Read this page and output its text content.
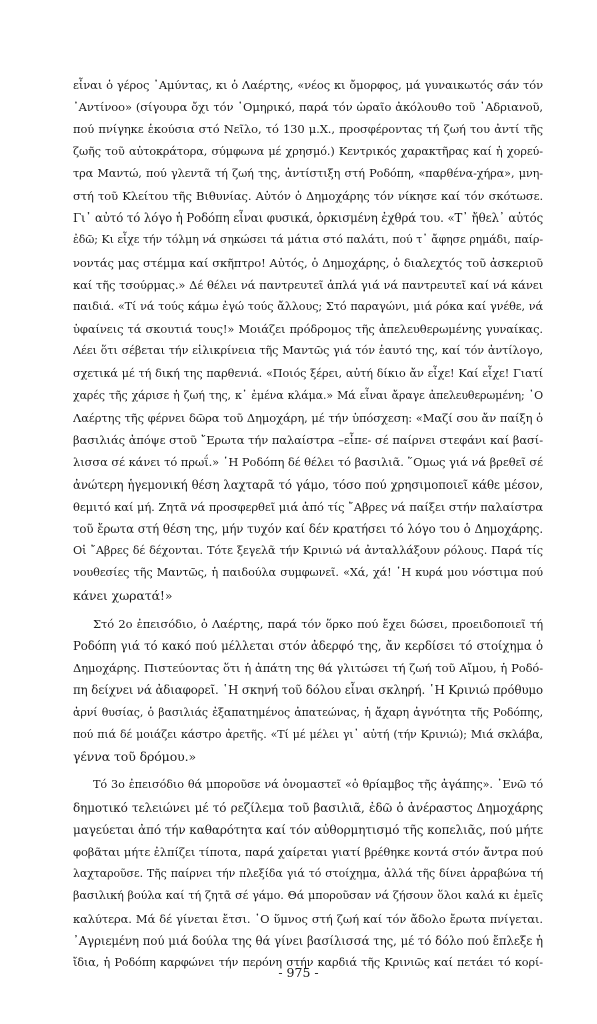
εἶναι ὁ γέρος ᾿Αμύντας, κι ὁ Λαέρτης, «νέος κι ὄμορφος, μά γυναικωτός σάν τόν
᾿Αντίνοο» (σίγουρα ὄχι τόν ῾Ομηρικό, παρά τόν ὡραῖο ἀκόλουθο τοῦ ᾿Αδριανοῦ,
πού πνίγηκε ἑκούσια στό Νεῖλο, τό 130 μ.Χ., προσφέροντας τή ζωή του ἀντί τῆς
ζωῆς τοῦ αὐτοκράτορα, σύμφωνα μέ χρησμό.) Κεντρικός χαρακτῆρας καί ἡ χορεύ-
τρα Μαντώ, πού γλεντᾶ τή ζωή της, ἀντίστιξη στή Ροδόπη, «παρθένα-χήρα», μνη-
στή τοῦ Κλείτου τῆς Βιθυνίας. Αὐτόν ὁ Δημοχάρης τόν νίκησε καί τόν σκότωσε.
Γι᾿ αὐτό τό λόγο ἡ Ροδόπη εἶναι φυσικά, ὁρκισμένη ἐχθρά του. «Τ᾿ ἤθελ᾿ αὐτός
ἐδῶ; Κι εἶχε τήν τόλμη νά σηκώσει τά μάτια στό παλάτι, πού τ᾿ ἄφησε ρημάδι, παίρ-
νοντάς μας στέμμα καί σκῆπτρο! Αὐτός, ὁ Δημοχάρης, ὁ διαλεχτός τοῦ ἀσκεριοῦ
καί τῆς τσούρμας.» Δέ θέλει νά παντρευτεῖ ἁπλά γιά νά παντρευτεῖ καί νά κάνει
παιδιά. «Τί νά τούς κάμω ἐγώ τούς ἄλλους; Στό παραγώνι, μιά ρόκα καί γνέθε, νά
ὑφαίνεις τά σκουτιά τους!» Μοιάζει πρόδρομος τῆς ἀπελευθερωμένης γυναίκας.
Λέει ὅτι σέβεται τήν εἰλικρίνεια τῆς Μαντῶς γιά τόν ἑαυτό της, καί τόν ἀντίλογο,
σχετικά μέ τή δική της παρθενιά. «Ποιός ξέρει, αὐτή δίκιο ἄν εἶχε! Καί εἶχε! Γιατί
χαρές τῆς χάρισε ἡ ζωή της, κ᾿ ἐμένα κλάμα.» Μά εἶναι ἄραγε ἀπελευθερωμένη; ῾Ο
Λαέρτης τῆς φέρνει δῶρα τοῦ Δημοχάρη, μέ τήν ὑπόσχεση: «Μαζί σου ἄν παίξη ὁ
βασιλιάς ἀπόψε στοῦ ῎Ερωτα τήν παλαίστρα –εἶπε- σέ παίρνει στεφάνι καί βασί-
λισσα σέ κάνει τό πρωΐ.» ῾Η Ροδόπη δέ θέλει τό βασιλιᾶ. ῞Ομως γιά νά βρεθεῖ σέ
ἀνώτερη ἡγεμονική θέση λαχταρᾶ τό γάμο, τόσο πού χρησιμοποιεῖ κάθε μέσον,
θεμιτό καί μή. Ζητᾶ νά προσφερθεῖ μιά ἀπό τίς ῎Αβρες νά παίξει στήν παλαίστρα
τοῦ ἔρωτα στή θέση της, μήν τυχόν καί δέν κρατήσει τό λόγο του ὁ Δημοχάρης.
Οἱ ῎Αβρες δέ δέχονται. Τότε ξεγελᾶ τήν Κρινιώ νά ἀνταλλάξουν ρόλους. Παρά τίς
νουθεσίες τῆς Μαντῶς, ἡ παιδούλα συμφωνεῖ. «Χά, χά! ῾Η κυρά μου νόστιμα πού
κάνει χωρατά!»

Στό 2ο ἐπεισόδιο, ὁ Λαέρτης, παρά τόν ὅρκο πού ἔχει δώσει, προειδοποιεῖ τή
Ροδόπη γιά τό κακό πού μέλλεται στόν ἀδερφό της, ἄν κερδίσει τό στοίχημα ὁ
Δημοχάρης. Πιστεύοντας ὅτι ἡ ἀπάτη της θά γλιτώσει τή ζωή τοῦ Αἴμου, ἡ Ροδό-
πη δείχνει νά ἀδιαφορεῖ. ῾Η σκηνή τοῦ δόλου εἶναι σκληρή. ῾Η Κρινιώ πρόθυμο
ἀρνί θυσίας, ὁ βασιλιάς ἐξαπατημένος ἀπατεώνας, ἡ ἄχαρη ἀγνότητα τῆς Ροδόπης,
πού πιά δέ μοιάζει κάστρο ἀρετῆς. «Τί μέ μέλει γι᾿ αὐτή (τήν Κρινιώ); Μιά σκλάβα,
γέννα τοῦ δρόμου.»

Τό 3ο ἐπεισόδιο θά μποροῦσε νά ὀνομαστεῖ «ὁ θρίαμβος τῆς ἀγάπης». ᾿Ενῶ τό
δημοτικό τελειώνει μέ τό ρεζίλεμα τοῦ βασιλιᾶ, ἐδῶ ὁ ἀνέραστος Δημοχάρης
μαγεύεται ἀπό τήν καθαρότητα καί τόν αὐθορμητισμό τῆς κοπελιᾶς, πού μήτε
φοβᾶται μήτε ἐλπίζει τίποτα, παρά χαίρεται γιατί βρέθηκε κοντά στόν ἄντρα πού
λαχταροῦσε. Τῆς παίρνει τήν πλεξίδα γιά τό στοίχημα, ἀλλά τῆς δίνει ἀρραβώνα τή
βασιλική βούλα καί τή ζητᾶ σέ γάμο. Θά μποροῦσαν νά ζήσουν ὅλοι καλά κι ἐμεῖς
καλύτερα. Μά δέ γίνεται ἔτσι. ῾Ο ὕμνος στή ζωή καί τόν ἄδολο ἔρωτα πνίγεται.
᾿Αγριεμένη πού μιά δούλα της θά γίνει βασίλισσά της, μέ τό δόλο πού ἔπλεξε ἡ
ἴδια, ἡ Ροδόπη καρφώνει τήν περόνη στήν καρδιά τῆς Κρινιῶς καί πετάει τό κορί-

- 975 -
